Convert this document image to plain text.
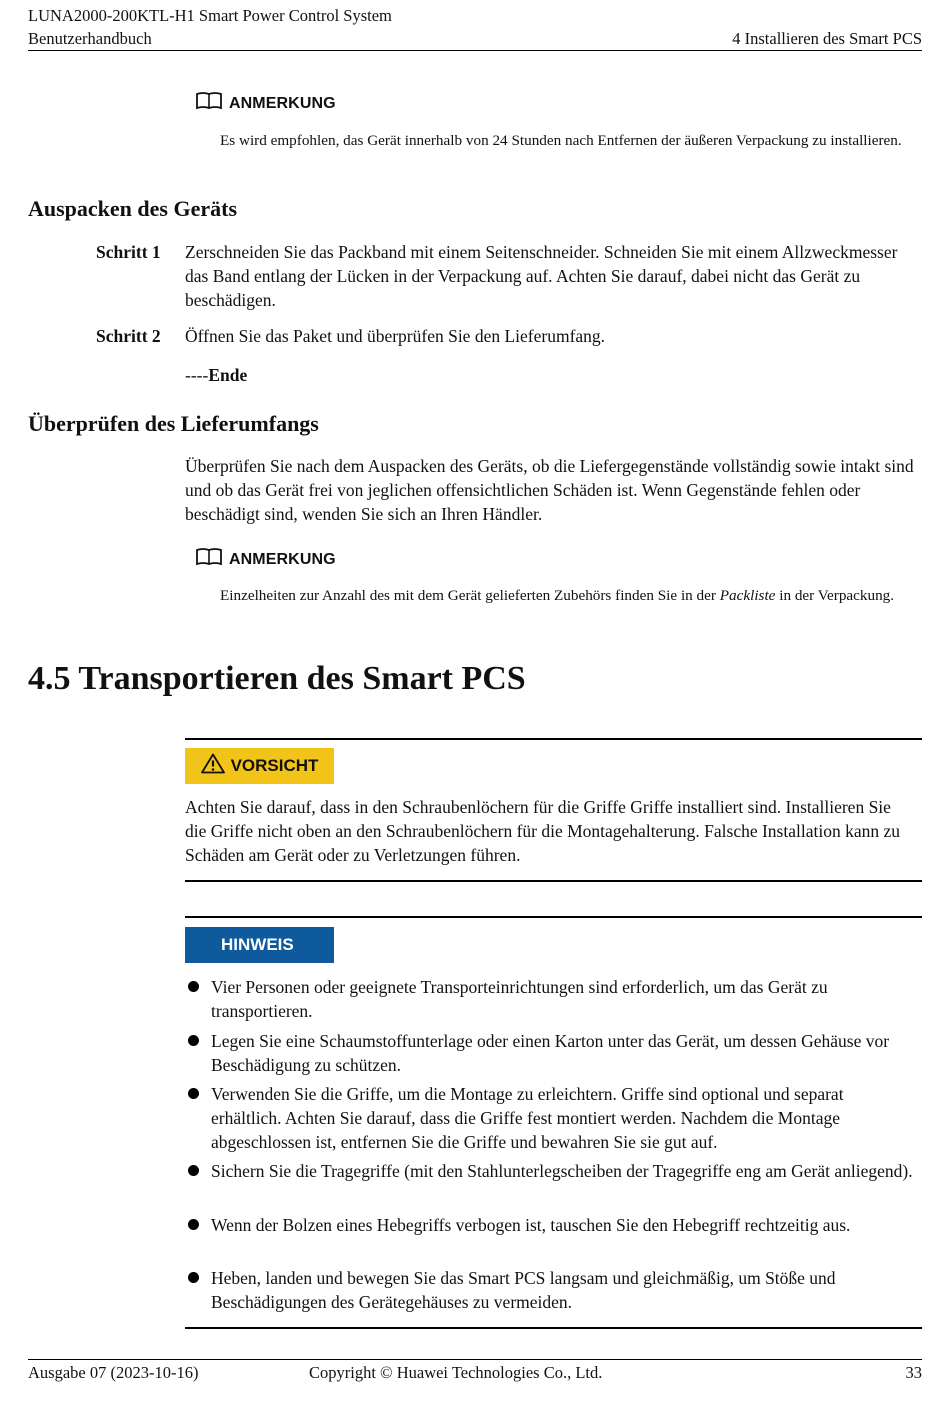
LUNA2000-200KTL-H1 Smart Power Control System
Benutzerhandbuch	4 Installieren des Smart PCS
ANMERKUNG
Es wird empfohlen, das Gerät innerhalb von 24 Stunden nach Entfernen der äußeren Verpackung zu installieren.
Auspacken des Geräts
Schritt 1 Zerschneiden Sie das Packband mit einem Seitenschneider. Schneiden Sie mit einem Allzweckmesser das Band entlang der Lücken in der Verpackung auf. Achten Sie darauf, dabei nicht das Gerät zu beschädigen.
Schritt 2 Öffnen Sie das Paket und überprüfen Sie den Lieferumfang.
----Ende
Überprüfen des Lieferumfangs
Überprüfen Sie nach dem Auspacken des Geräts, ob die Liefergegenstände vollständig sowie intakt sind und ob das Gerät frei von jeglichen offensichtlichen Schäden ist. Wenn Gegenstände fehlen oder beschädigt sind, wenden Sie sich an Ihren Händler.
ANMERKUNG
Einzelheiten zur Anzahl des mit dem Gerät gelieferten Zubehörs finden Sie in der Packliste in der Verpackung.
4.5 Transportieren des Smart PCS
VORSICHT
Achten Sie darauf, dass in den Schraubenlöchern für die Griffe Griffe installiert sind. Installieren Sie die Griffe nicht oben an den Schraubenlöchern für die Montagehalterung. Falsche Installation kann zu Schäden am Gerät oder zu Verletzungen führen.
HINWEIS
Vier Personen oder geeignete Transporteinrichtungen sind erforderlich, um das Gerät zu transportieren.
Legen Sie eine Schaumstoffunterlage oder einen Karton unter das Gerät, um dessen Gehäuse vor Beschädigung zu schützen.
Verwenden Sie die Griffe, um die Montage zu erleichtern. Griffe sind optional und separat erhältlich. Achten Sie darauf, dass die Griffe fest montiert werden. Nachdem die Montage abgeschlossen ist, entfernen Sie die Griffe und bewahren Sie sie gut auf.
Sichern Sie die Tragegriffe (mit den Stahlunterlegscheiben der Tragegriffe eng am Gerät anliegend).
Wenn der Bolzen eines Hebegriffs verbogen ist, tauschen Sie den Hebegriff rechtzeitig aus.
Heben, landen und bewegen Sie das Smart PCS langsam und gleichmäßig, um Stöße und Beschädigungen des Gerätegehäuses zu vermeiden.
Ausgabe 07 (2023-10-16)	Copyright © Huawei Technologies Co., Ltd.	33
